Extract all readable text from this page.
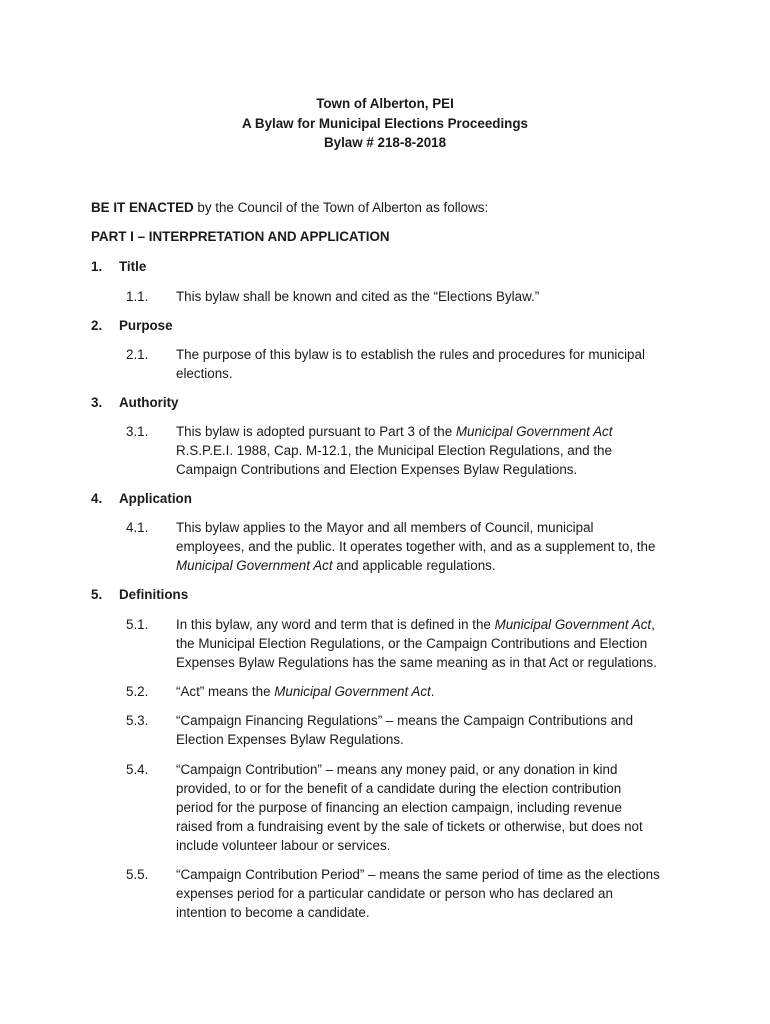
Town of Alberton, PEI
A Bylaw for Municipal Elections Proceedings
Bylaw # 218-8-2018
BE IT ENACTED by the Council of the Town of Alberton as follows:
PART I – INTERPRETATION AND APPLICATION
1. Title
1.1. This bylaw shall be known and cited as the “Elections Bylaw.”
2. Purpose
2.1. The purpose of this bylaw is to establish the rules and procedures for municipal
elections.
3. Authority
3.1. This bylaw is adopted pursuant to Part 3 of the Municipal Government Act
R.S.P.E.I. 1988, Cap. M-12.1, the Municipal Election Regulations, and the
Campaign Contributions and Election Expenses Bylaw Regulations.
4. Application
4.1. This bylaw applies to the Mayor and all members of Council, municipal
employees, and the public. It operates together with, and as a supplement to, the
Municipal Government Act and applicable regulations.
5. Definitions
5.1. In this bylaw, any word and term that is defined in the Municipal Government Act,
the Municipal Election Regulations, or the Campaign Contributions and Election
Expenses Bylaw Regulations has the same meaning as in that Act or regulations.
5.2. “Act” means the Municipal Government Act.
5.3. “Campaign Financing Regulations” – means the Campaign Contributions and
Election Expenses Bylaw Regulations.
5.4. “Campaign Contribution” – means any money paid, or any donation in kind
provided, to or for the benefit of a candidate during the election contribution
period for the purpose of financing an election campaign, including revenue
raised from a fundraising event by the sale of tickets or otherwise, but does not
include volunteer labour or services.
5.5. “Campaign Contribution Period” – means the same period of time as the elections
expenses period for a particular candidate or person who has declared an
intention to become a candidate.
